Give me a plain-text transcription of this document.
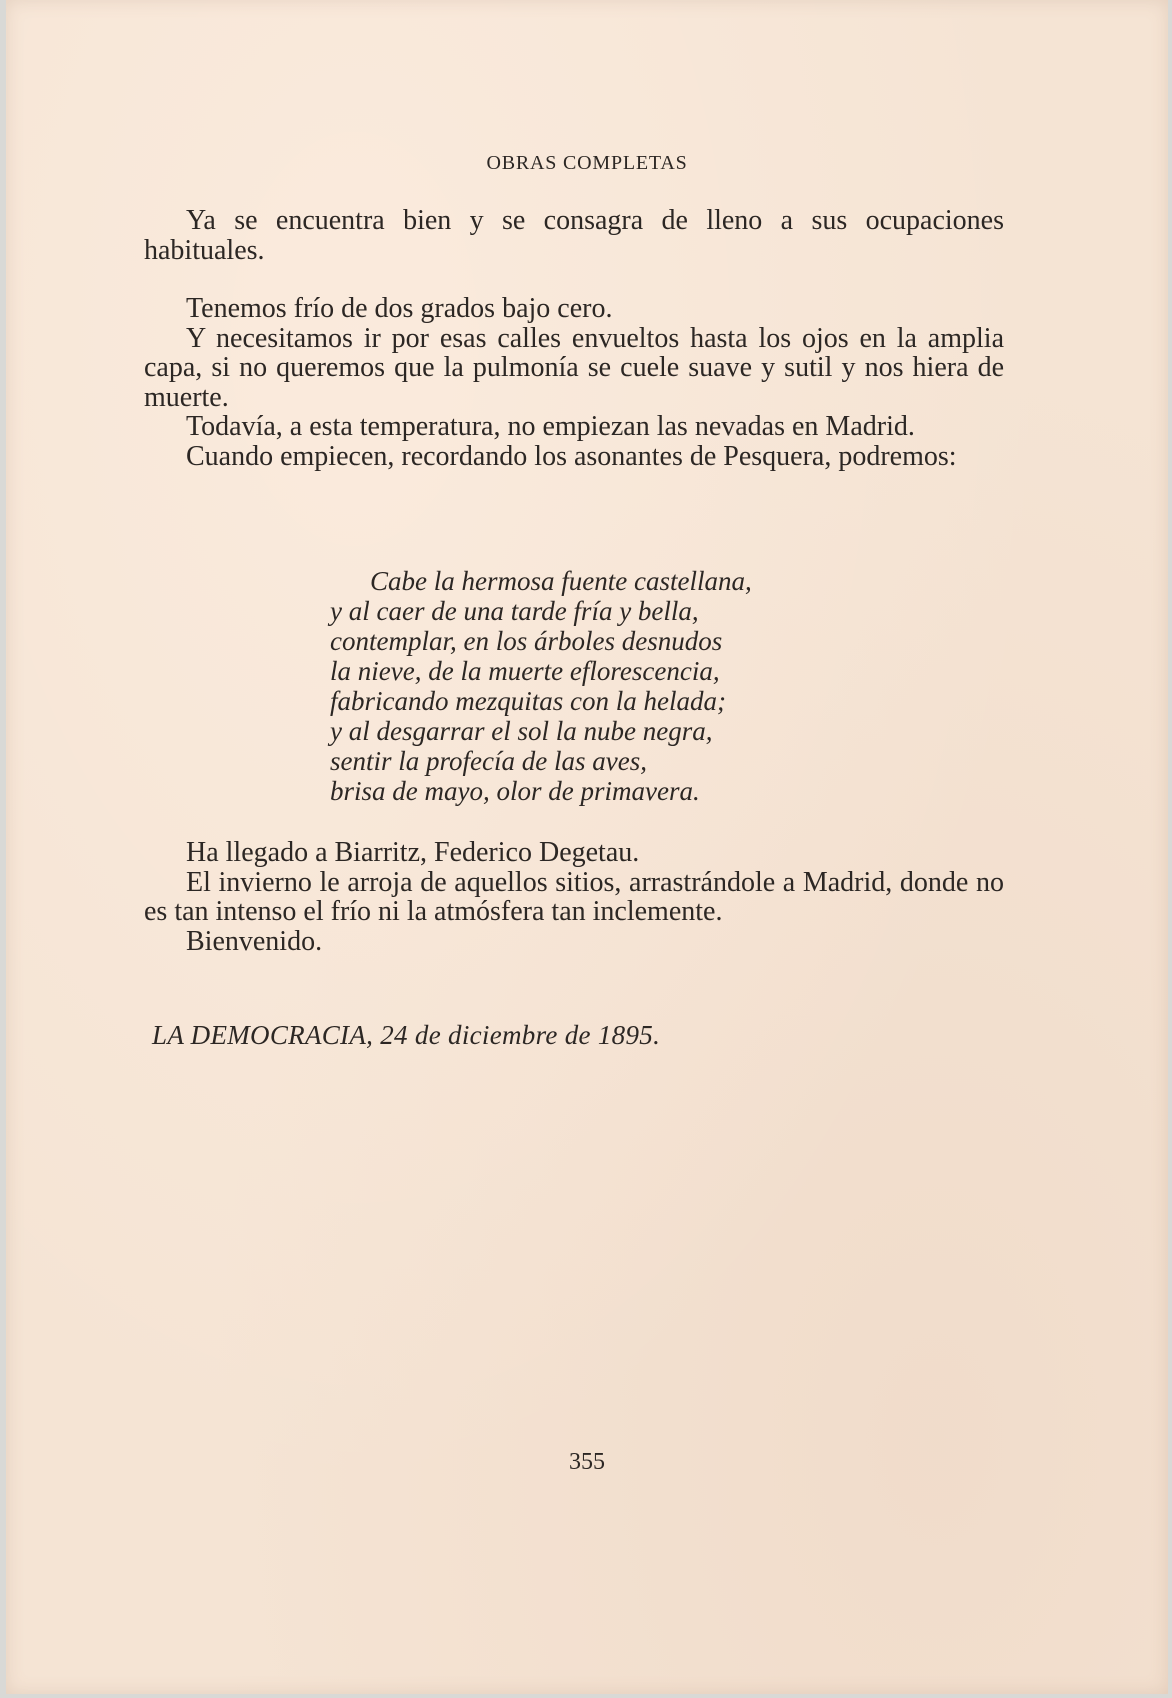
OBRAS COMPLETAS

Ya se encuentra bien y se consagra de lleno a sus ocupaciones habituales.

Tenemos frío de dos grados bajo cero.

Y necesitamos ir por esas calles envueltos hasta los ojos en la amplia capa, si no queremos que la pulmonía se cuele suave y sutil y nos hiera de muerte.

Todavía, a esta temperatura, no empiezan las nevadas en Madrid.

Cuando empiecen, recordando los asonantes de Pesquera, podremos:

Cabe la hermosa fuente castellana,
y al caer de una tarde fría y bella,
contemplar, en los árboles desnudos
la nieve, de la muerte eflorescencia,
fabricando mezquitas con la helada;
y al desgarrar el sol la nube negra,
sentir la profecía de las aves,
brisa de mayo, olor de primavera.

Ha llegado a Biarritz, Federico Degetau.

El invierno le arroja de aquellos sitios, arrastrándole a Madrid, donde no es tan intenso el frío ni la atmósfera tan inclemente.

Bienvenido.

LA DEMOCRACIA, 24 de diciembre de 1895.
355
